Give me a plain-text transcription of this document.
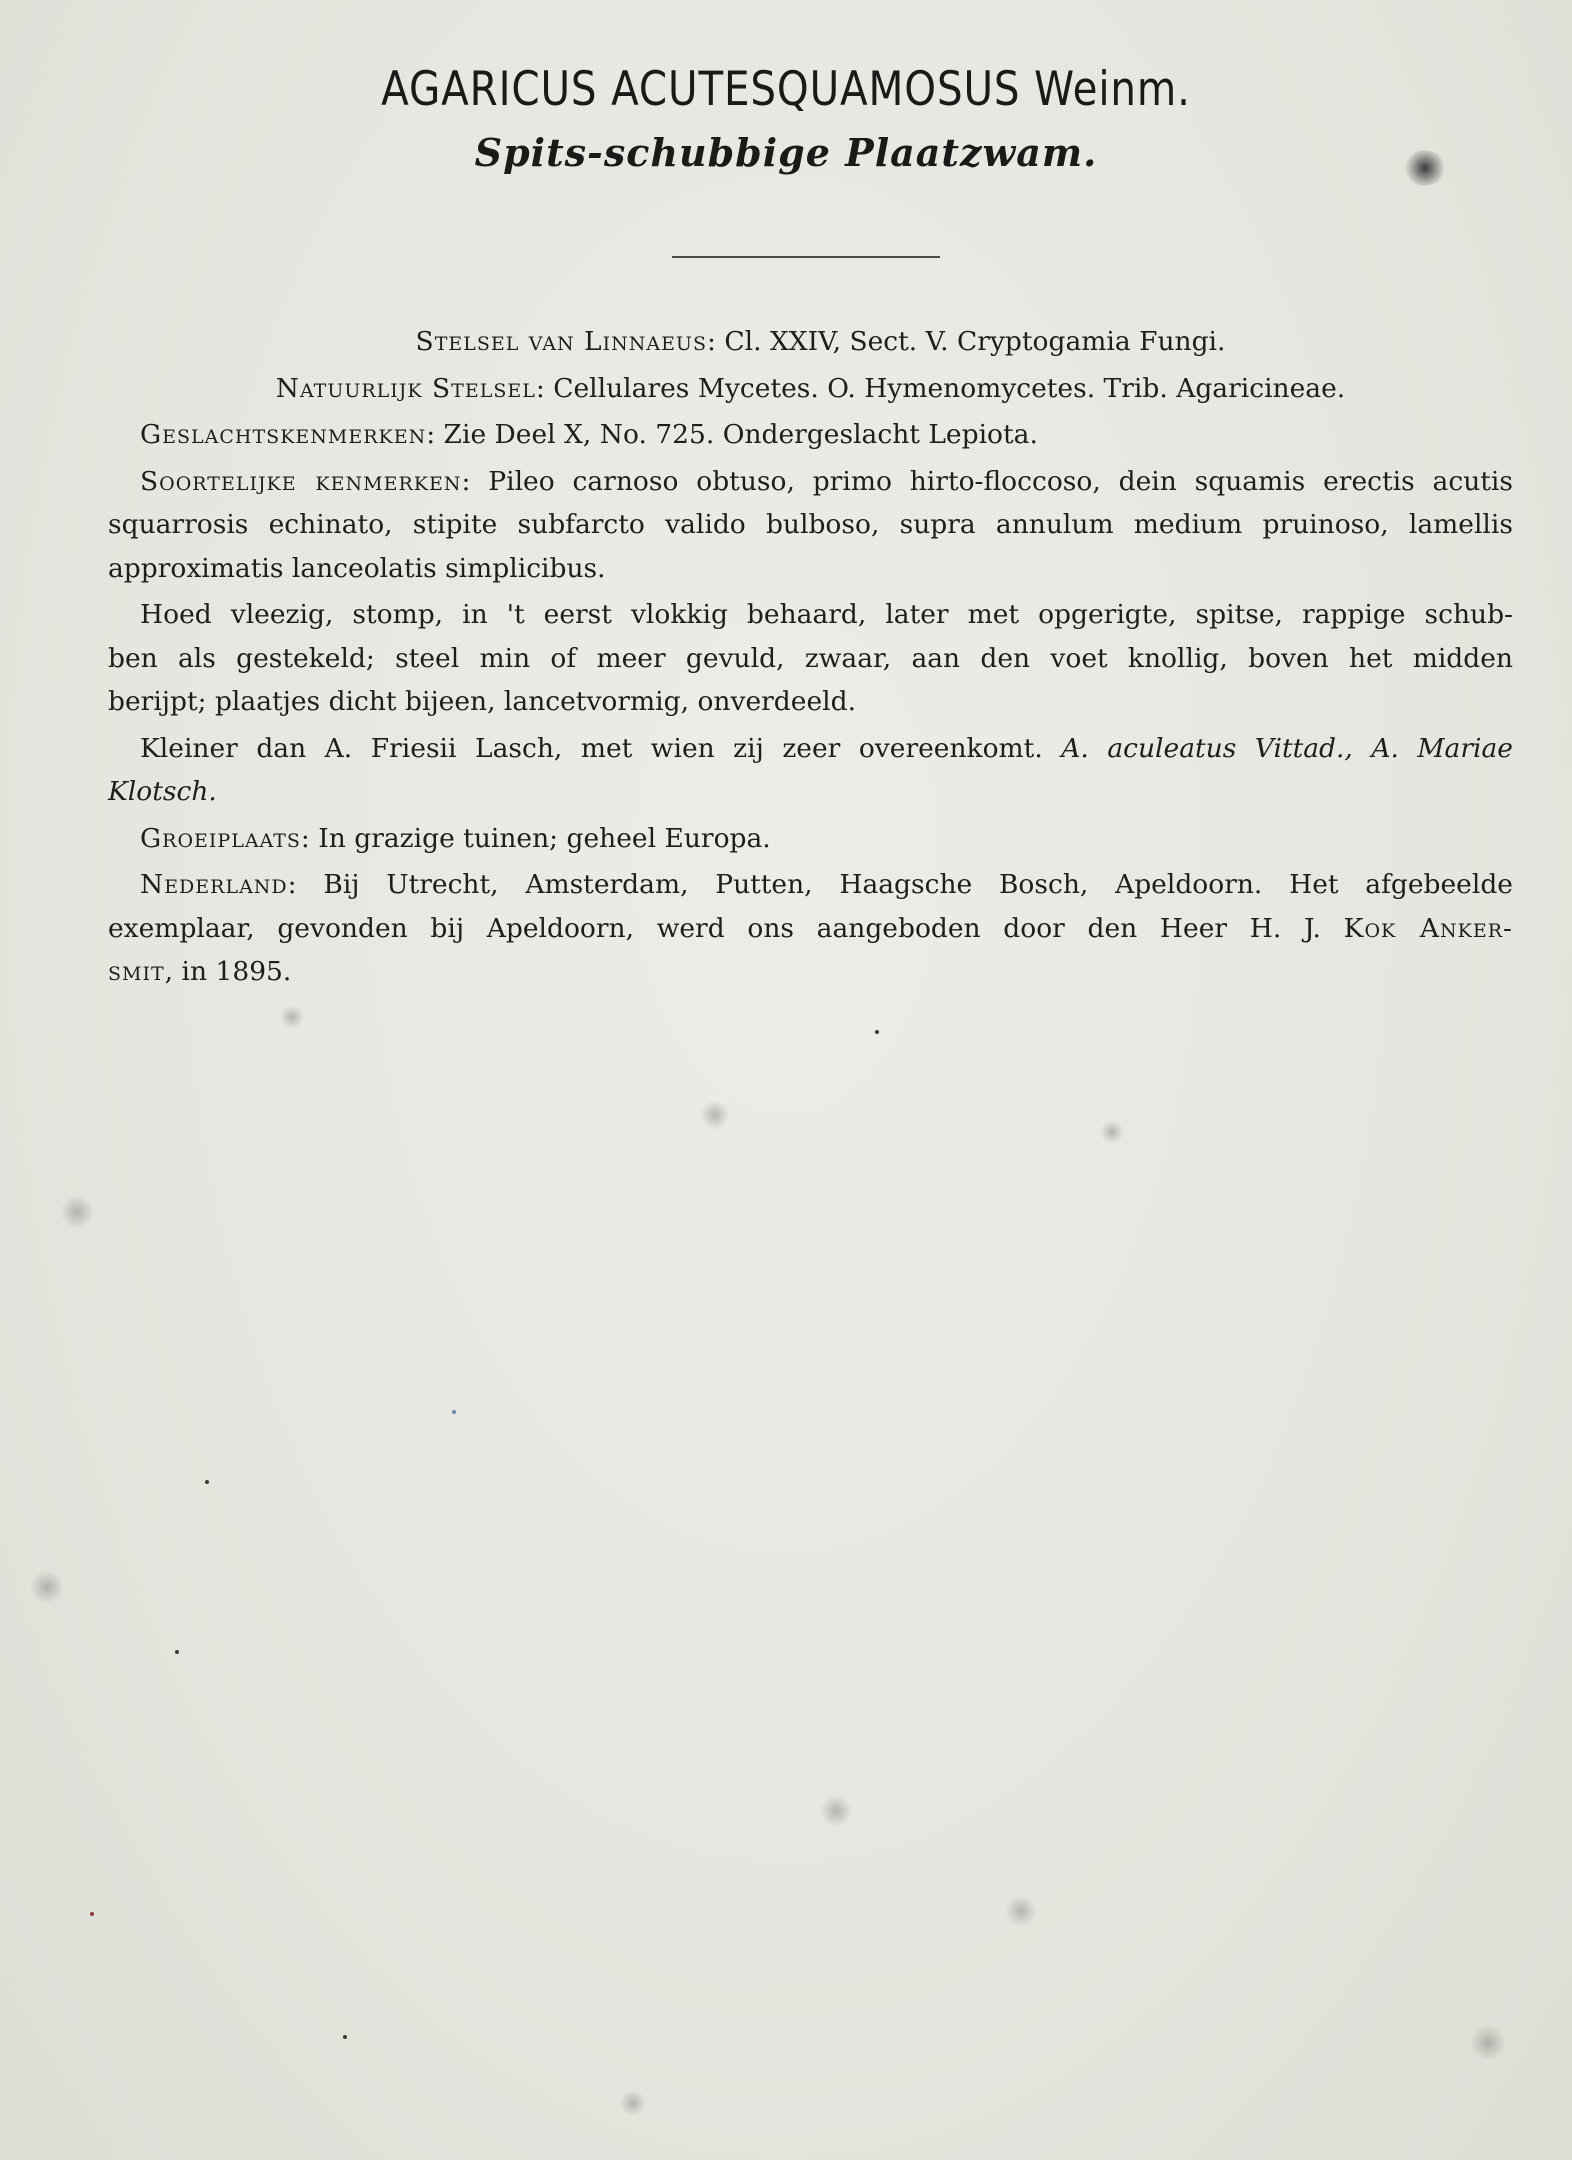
AGARICUS ACUTESQUAMOSUS Weinm.
Spits-schubbige Plaatzwam.
Stelsel van Linnaeus: Cl. XXIV, Sect. V. Cryptogamia Fungi.
Natuurlijk Stelsel: Cellulares Mycetes. O. Hymenomycetes. Trib. Agaricineae.
Geslachtskenmerken: Zie Deel X, No. 725. Ondergeslacht Lepiota.
Soortelijke kenmerken: Pileo carnoso obtuso, primo hirto-floccoso, dein squamis erectis acutis
squarrosis echinato, stipite subfarcto valido bulboso, supra annulum medium pruinoso, lamellis
approximatis lanceolatis simplicibus.
Hoed vleezig, stomp, in 't eerst vlokkig behaard, later met opgerigte, spitse, rappige schub-
ben als gestekeld; steel min of meer gevuld, zwaar, aan den voet knollig, boven het midden
berijpt; plaatjes dicht bijeen, lancetvormig, onverdeeld.
Kleiner dan A. Friesii Lasch, met wien zij zeer overeenkomt. A. aculeatus Vittad., A. Mariae
Klotsch.
Groeiplaats: In grazige tuinen; geheel Europa.
Nederland: Bij Utrecht, Amsterdam, Putten, Haagsche Bosch, Apeldoorn. Het afgebeelde
exemplaar, gevonden bij Apeldoorn, werd ons aangeboden door den Heer H. J. Kok Anker-
smit, in 1895.
